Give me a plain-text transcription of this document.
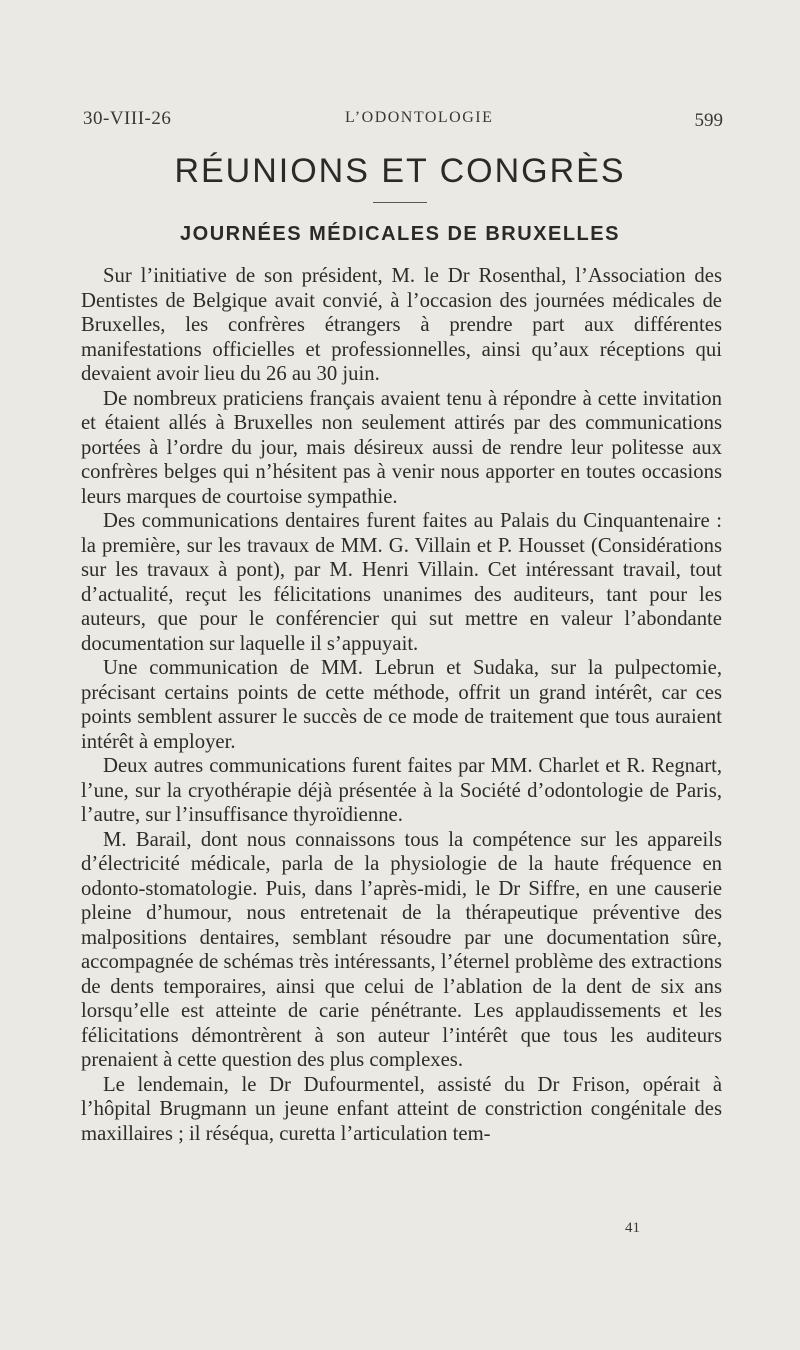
30-VIII-26	L’ODONTOLOGIE	599
RÉUNIONS ET CONGRÈS
JOURNÉES MÉDICALES DE BRUXELLES

Sur l’initiative de son président, M. le Dr Rosenthal, l’Association des Dentistes de Belgique avait convié, à l’occasion des journées médicales de Bruxelles, les confrères étrangers à prendre part aux différentes manifestations officielles et professionnelles, ainsi qu’aux réceptions qui devaient avoir lieu du 26 au 30 juin.

De nombreux praticiens français avaient tenu à répondre à cette invitation et étaient allés à Bruxelles non seulement attirés par des communications portées à l’ordre du jour, mais désireux aussi de rendre leur politesse aux confrères belges qui n’hésitent pas à venir nous apporter en toutes occasions leurs marques de courtoise sympathie.

Des communications dentaires furent faites au Palais du Cinquantenaire : la première, sur les travaux de MM. G. Villain et P. Housset (Considérations sur les travaux à pont), par M. Henri Villain. Cet intéressant travail, tout d’actualité, reçut les félicitations unanimes des auditeurs, tant pour les auteurs, que pour le conférencier qui sut mettre en valeur l’abondante documentation sur laquelle il s’appuyait.

Une communication de MM. Lebrun et Sudaka, sur la pulpectomie, précisant certains points de cette méthode, offrit un grand intérêt, car ces points semblent assurer le succès de ce mode de traitement que tous auraient intérêt à employer.

Deux autres communications furent faites par MM. Charlet et R. Regnart, l’une, sur la cryothérapie déjà présentée à la Société d’odontologie de Paris, l’autre, sur l’insuffisance thyroïdienne.

M. Barail, dont nous connaissons tous la compétence sur les appareils d’électricité médicale, parla de la physiologie de la haute fréquence en odonto-stomatologie. Puis, dans l’après-midi, le Dr Siffre, en une causerie pleine d’humour, nous entretenait de la thérapeutique préventive des malpositions dentaires, semblant résoudre par une documentation sûre, accompagnée de schémas très intéressants, l’éternel problème des extractions de dents temporaires, ainsi que celui de l’ablation de la dent de six ans lorsqu’elle est atteinte de carie pénétrante. Les applaudissements et les félicitations démontrèrent à son auteur l’intérêt que tous les auditeurs prenaient à cette question des plus complexes.

Le lendemain, le Dr Dufourmentel, assisté du Dr Frison, opérait à l’hôpital Brugmann un jeune enfant atteint de constriction congénitale des maxillaires ; il réséqua, curetta l’articulation tem-

41
